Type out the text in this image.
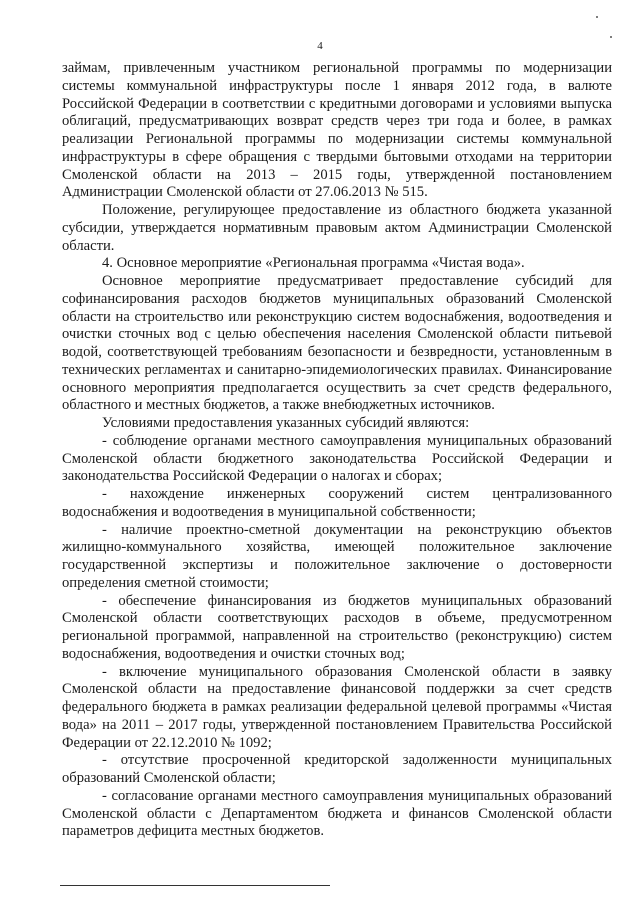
4

займам, привлеченным участником региональной программы по модернизации системы коммунальной инфраструктуры после 1 января 2012 года, в валюте Российской Федерации в соответствии с кредитными договорами и условиями выпуска облигаций, предусматривающих возврат средств через три года и более, в рамках реализации Региональной программы по модернизации системы коммунальной инфраструктуры в сфере обращения с твердыми бытовыми отходами на территории Смоленской области на 2013 – 2015 годы, утвержденной постановлением Администрации Смоленской области от 27.06.2013 № 515.

Положение, регулирующее предоставление из областного бюджета указанной субсидии, утверждается нормативным правовым актом Администрации Смоленской области.

4. Основное мероприятие «Региональная программа «Чистая вода».

Основное мероприятие предусматривает предоставление субсидий для софинансирования расходов бюджетов муниципальных образований Смоленской области на строительство или реконструкцию систем водоснабжения, водоотведения и очистки сточных вод с целью обеспечения населения Смоленской области питьевой водой, соответствующей требованиям безопасности и безвредности, установленным в технических регламентах и санитарно-эпидемиологических правилах. Финансирование основного мероприятия предполагается осуществить за счет средств федерального, областного и местных бюджетов, а также внебюджетных источников.

Условиями предоставления указанных субсидий являются:

- соблюдение органами местного самоуправления муниципальных образований Смоленской области бюджетного законодательства Российской Федерации и законодательства Российской Федерации о налогах и сборах;

- нахождение инженерных сооружений систем централизованного водоснабжения и водоотведения в муниципальной собственности;

- наличие проектно-сметной документации на реконструкцию объектов жилищно-коммунального хозяйства, имеющей положительное заключение государственной экспертизы и положительное заключение о достоверности определения сметной стоимости;

- обеспечение финансирования из бюджетов муниципальных образований Смоленской области соответствующих расходов в объеме, предусмотренном региональной программой, направленной на строительство (реконструкцию) систем водоснабжения, водоотведения и очистки сточных вод;

- включение муниципального образования Смоленской области в заявку Смоленской области на предоставление финансовой поддержки за счет средств федерального бюджета в рамках реализации федеральной целевой программы «Чистая вода» на 2011 – 2017 годы, утвержденной постановлением Правительства Российской Федерации от 22.12.2010 № 1092;

- отсутствие просроченной кредиторской задолженности муниципальных образований Смоленской области;

- согласование органами местного самоуправления муниципальных образований Смоленской области с Департаментом бюджета и финансов Смоленской области параметров дефицита местных бюджетов.
